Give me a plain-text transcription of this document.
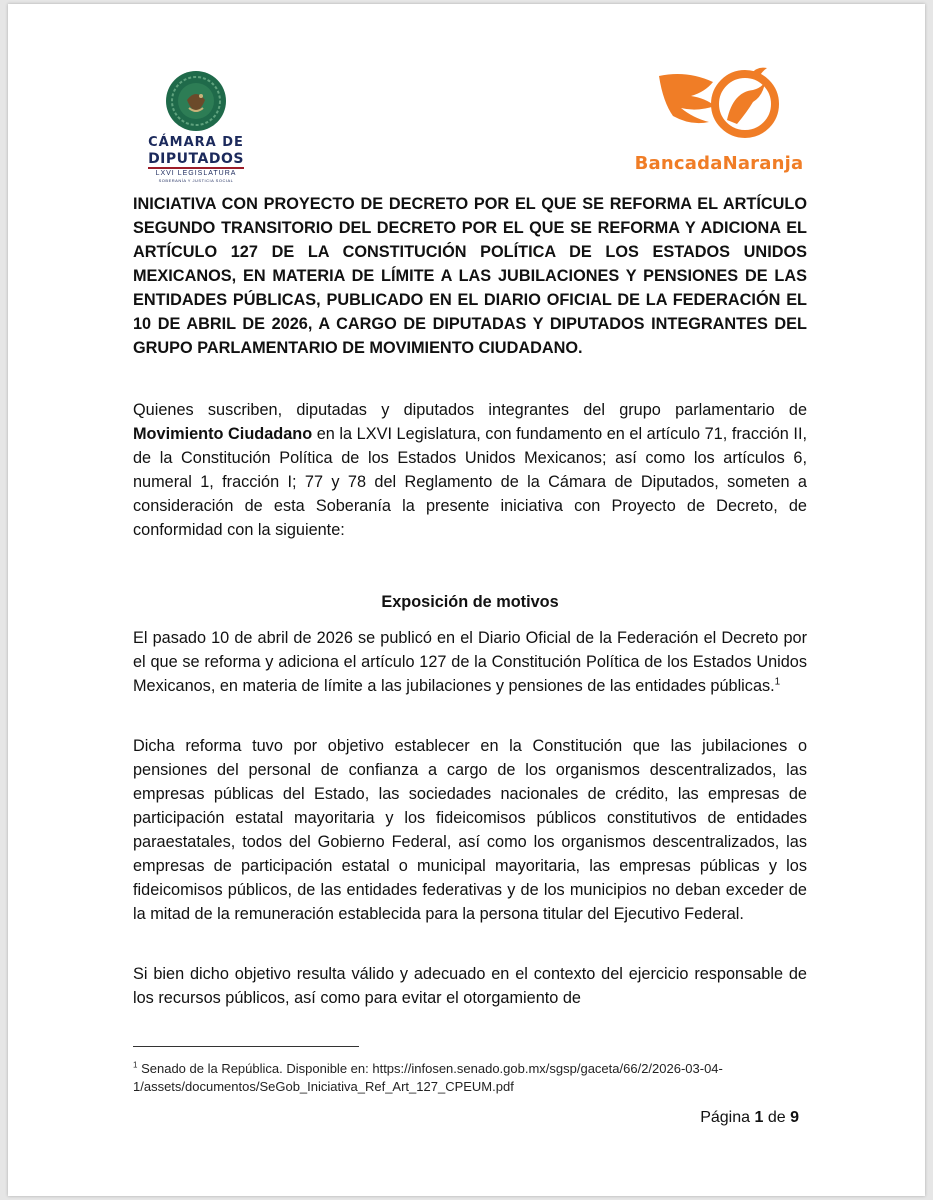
CÁMARA DE
DIPUTADOS
LXVI LEGISLATURA
SOBERANÍA Y JUSTICIA SOCIAL
BancadaNaranja
INICIATIVA CON PROYECTO DE DECRETO POR EL QUE SE REFORMA EL ARTÍCULO SEGUNDO TRANSITORIO DEL DECRETO POR EL QUE SE REFORMA Y ADICIONA EL ARTÍCULO 127 DE LA CONSTITUCIÓN POLÍTICA DE LOS ESTADOS UNIDOS MEXICANOS, EN MATERIA DE LÍMITE A LAS JUBILACIONES Y PENSIONES DE LAS ENTIDADES PÚBLICAS, PUBLICADO EN EL DIARIO OFICIAL DE LA FEDERACIÓN EL 10 DE ABRIL DE 2026, A CARGO DE DIPUTADAS Y DIPUTADOS INTEGRANTES DEL GRUPO PARLAMENTARIO DE MOVIMIENTO CIUDADANO.
Quienes suscriben, diputadas y diputados integrantes del grupo parlamentario de Movimiento Ciudadano en la LXVI Legislatura, con fundamento en el artículo 71, fracción II, de la Constitución Política de los Estados Unidos Mexicanos; así como los artículos 6, numeral 1, fracción I; 77 y 78 del Reglamento de la Cámara de Diputados, someten a consideración de esta Soberanía la presente iniciativa con Proyecto de Decreto, de conformidad con la siguiente:
Exposición de motivos
El pasado 10 de abril de 2026 se publicó en el Diario Oficial de la Federación el Decreto por el que se reforma y adiciona el artículo 127 de la Constitución Política de los Estados Unidos Mexicanos, en materia de límite a las jubilaciones y pensiones de las entidades públicas.$^1$
Dicha reforma tuvo por objetivo establecer en la Constitución que las jubilaciones o pensiones del personal de confianza a cargo de los organismos descentralizados, las empresas públicas del Estado, las sociedades nacionales de crédito, las empresas de participación estatal mayoritaria y los fideicomisos públicos constitutivos de entidades paraestatales, todos del Gobierno Federal, así como los organismos descentralizados, las empresas de participación estatal o municipal mayoritaria, las empresas públicas y los fideicomisos públicos, de las entidades federativas y de los municipios no deban exceder de la mitad de la remuneración establecida para la persona titular del Ejecutivo Federal.
Si bien dicho objetivo resulta válido y adecuado en el contexto del ejercicio responsable de los recursos públicos, así como para evitar el otorgamiento de
$^1$ Senado de la República. Disponible en: https://infosen.senado.gob.mx/sgsp/gaceta/66/2/2026-03-04-1/assets/documentos/SeGob_Iniciativa_Ref_Art_127_CPEUM.pdf
Página 1 de 9
